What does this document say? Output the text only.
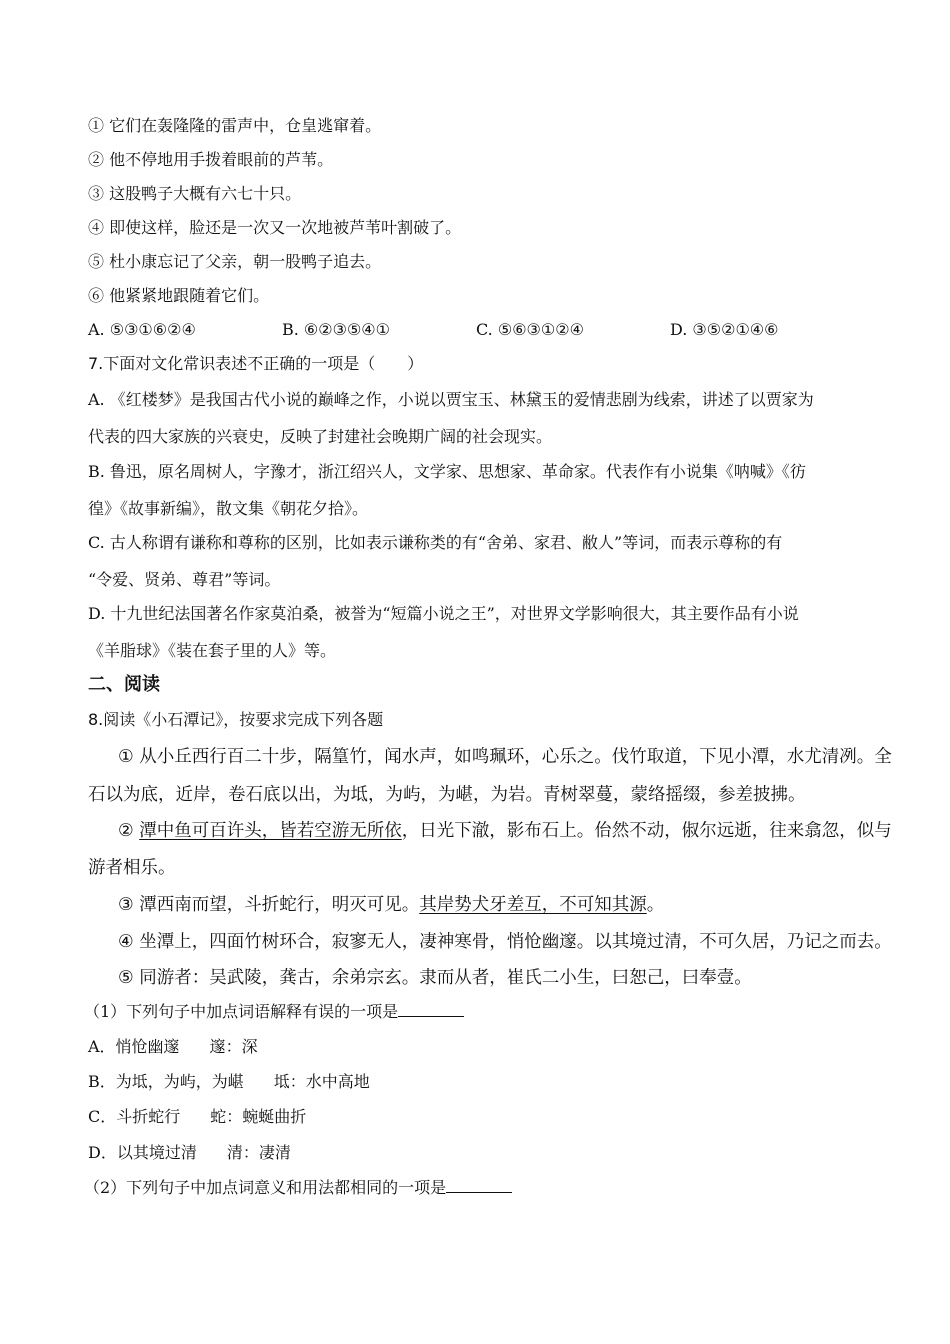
① 它们在轰隆隆的雷声中，仓皇逃窜着。
② 他不停地用手拨着眼前的芦苇。
③ 这股鸭子大概有六七十只。
④ 即使这样，脸还是一次又一次地被芦苇叶割破了。
⑤ 杜小康忘记了父亲，朝一股鸭子追去。
⑥ 他紧紧地跟随着它们。
A. ⑤③①⑥②④	B. ⑥②③⑤④①	C. ⑤⑥③①②④	D. ③⑤②①④⑥
7.下面对文化常识表述不正确的一项是（　　）
A. 《红楼梦》是我国古代小说的巅峰之作，小说以贾宝玉、林黛玉的爱情悲剧为线索，讲述了以贾家为
代表的四大家族的兴衰史，反映了封建社会晚期广阔的社会现实。
B. 鲁迅，原名周树人，字豫才，浙江绍兴人，文学家、思想家、革命家。代表作有小说集《呐喊》《彷
徨》《故事新编》，散文集《朝花夕拾》。
C. 古人称谓有谦称和尊称的区别，比如表示谦称类的有“舍弟、家君、敝人”等词，而表示尊称的有
“令爱、贤弟、尊君”等词。
D. 十九世纪法国著名作家莫泊桑，被誉为“短篇小说之王”，对世界文学影响很大，其主要作品有小说
《羊脂球》《装在套子里的人》等。
二、阅读
8.阅读《小石潭记》，按要求完成下列各题
① 从小丘西行百二十步，隔篁竹，闻水声，如鸣珮环，心乐之。伐竹取道，下见小潭，水尤清冽。全
石以为底，近岸，卷石底以出，为坻，为屿，为嵁，为岩。青树翠蔓，蒙络摇缀，参差披拂。
② 潭中鱼可百许头，皆若空游无所依，日光下澈，影布石上。佁然不动，俶尔远逝，往来翕忽，似与
游者相乐。
③ 潭西南而望，斗折蛇行，明灭可见。其岸势犬牙差互，不可知其源。
④ 坐潭上，四面竹树环合，寂寥无人，凄神寒骨，悄怆幽邃。以其境过清，不可久居，乃记之而去。
⑤ 同游者：吴武陵，龚古，余弟宗玄。隶而从者，崔氏二小生，曰恕己，曰奉壹。
（1）下列句子中加点词语解释有误的一项是
A．悄怆幽邃 邃：深
B．为坻，为屿，为嵁 坻：水中高地
C．斗折蛇行 蛇：蜿蜒曲折
D．以其境过清 清：凄清
（2）下列句子中加点词意义和用法都相同的一项是
